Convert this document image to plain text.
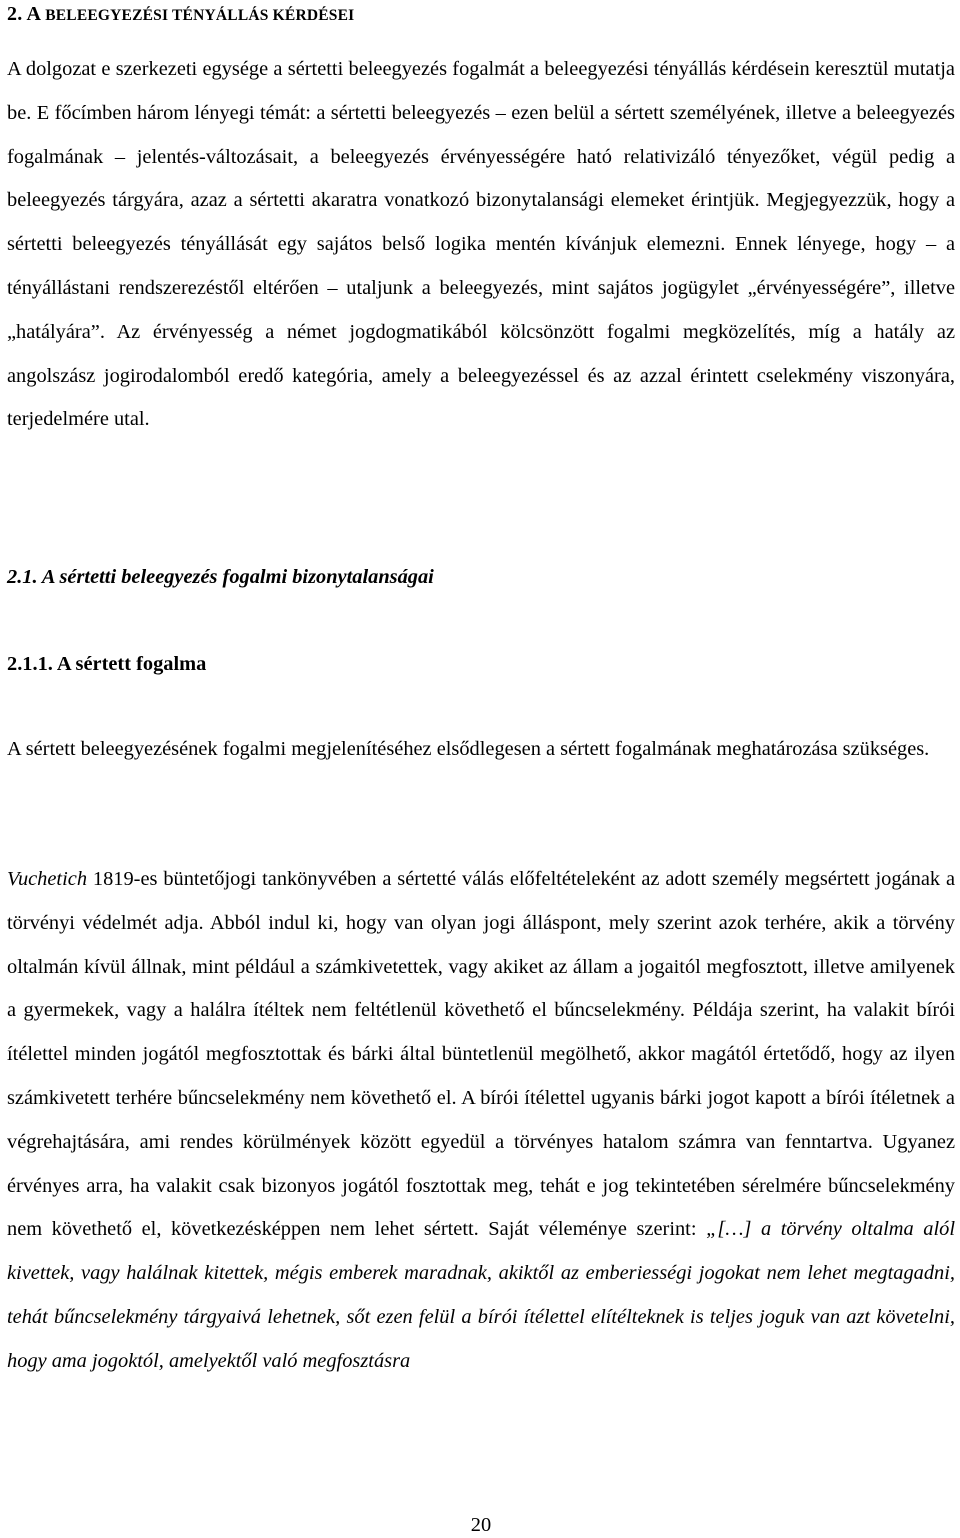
2. A BELEEGYEZÉSI TÉNYÁLLÁS KÉRDÉSEI

A dolgozat e szerkezeti egysége a sértetti beleegyezés fogalmát a beleegyezési tényállás kérdésein keresztül mutatja be. E főcímben három lényegi témát: a sértetti beleegyezés – ezen belül a sértett személyének, illetve a beleegyezés fogalmának – jelentés-változásait, a beleegyezés érvényességére ható relativizáló tényezőket, végül pedig a beleegyezés tárgyára, azaz a sértetti akaratra vonatkozó bizonytalansági elemeket érintjük. Megjegyezzük, hogy a sértetti beleegyezés tényállását egy sajátos belső logika mentén kívánjuk elemezni. Ennek lényege, hogy – a tényállástani rendszerezéstől eltérően – utaljunk a beleegyezés, mint sajátos jogügylet „érvényességére”, illetve „hatályára”. Az érvényesség a német jogdogmatikából kölcsönzött fogalmi megközelítés, míg a hatály az angolszász jogirodalomból eredő kategória, amely a beleegyezéssel és az azzal érintett cselekmény viszonyára, terjedelmére utal.

2.1. A sértetti beleegyezés fogalmi bizonytalanságai
2.1.1. A sértett fogalma

A sértett beleegyezésének fogalmi megjelenítéséhez elsődlegesen a sértett fogalmának meghatározása szükséges.

Vuchetich 1819-es büntetőjogi tankönyvében a sértetté válás előfeltételeként az adott személy megsértett jogának a törvényi védelmét adja. Abból indul ki, hogy van olyan jogi álláspont, mely szerint azok terhére, akik a törvény oltalmán kívül állnak, mint például a számkivetettek, vagy akiket az állam a jogaitól megfosztott, illetve amilyenek a gyermekek, vagy a halálra ítéltek nem feltétlenül követhető el bűncselekmény. Példája szerint, ha valakit bírói ítélettel minden jogától megfosztottak és bárki által büntetlenül megölhető, akkor magától értetődő, hogy az ilyen számkivetett terhére bűncselekmény nem követhető el. A bírói ítélettel ugyanis bárki jogot kapott a bírói ítéletnek a végrehajtására, ami rendes körülmények között egyedül a törvényes hatalom számra van fenntartva. Ugyanez érvényes arra, ha valakit csak bizonyos jogától fosztottak meg, tehát e jog tekintetében sérelmére bűncselekmény nem követhető el, következésképpen nem lehet sértett. Saját véleménye szerint: „[…] a törvény oltalma alól kivettek, vagy halálnak kitettek, mégis emberek maradnak, akiktől az emberiességi jogokat nem lehet megtagadni, tehát bűncselekmény tárgyaivá lehetnek, sőt ezen felül a bírói ítélettel elítélteknek is teljes joguk van azt követelni, hogy ama jogoktól, amelyektől való megfosztásra

20
